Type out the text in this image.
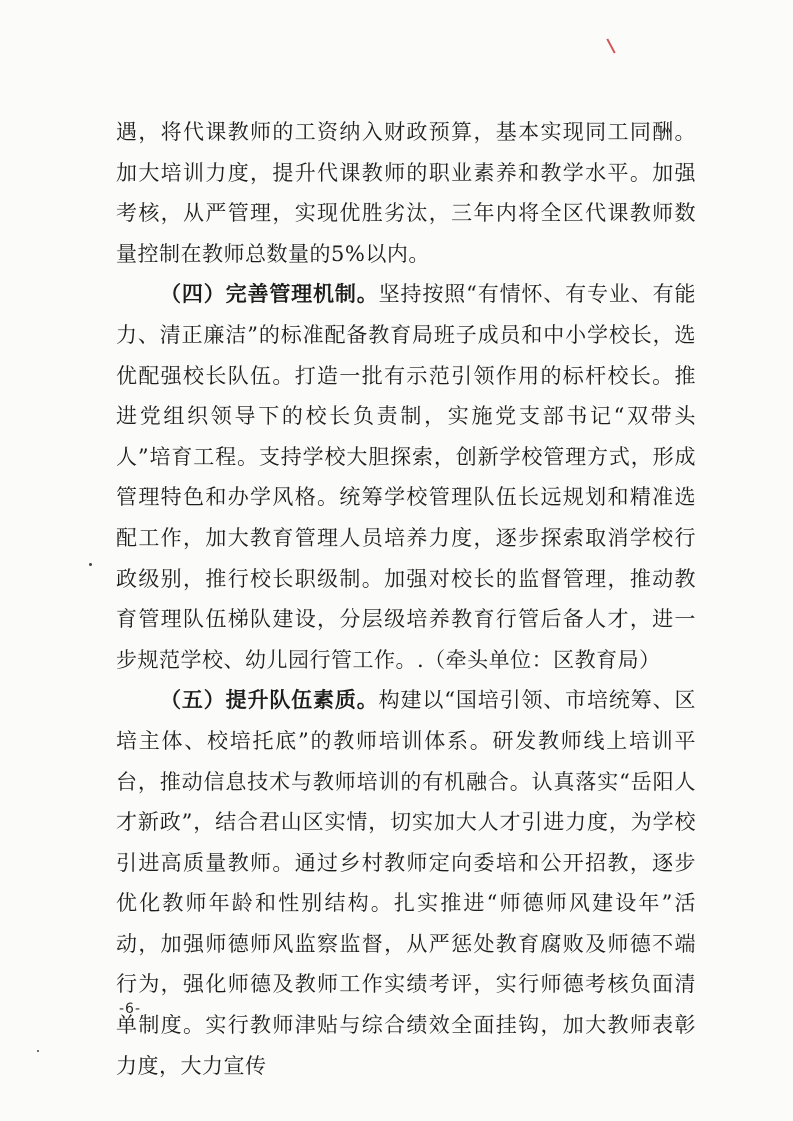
遇，将代课教师的工资纳入财政预算，基本实现同工同酬。加大培训力度，提升代课教师的职业素养和教学水平。加强考核，从严管理，实现优胜劣汰，三年内将全区代课教师数量控制在教师总数量的5%以内。

（四）完善管理机制。坚持按照“有情怀、有专业、有能力、清正廉洁”的标准配备教育局班子成员和中小学校长，选优配强校长队伍。打造一批有示范引领作用的标杆校长。推进党组织领导下的校长负责制，实施党支部书记“双带头人”培育工程。支持学校大胆探索，创新学校管理方式，形成管理特色和办学风格。统筹学校管理队伍长远规划和精准选配工作，加大教育管理人员培养力度，逐步探索取消学校行政级别，推行校长职级制。加强对校长的监督管理，推动教育管理队伍梯队建设，分层级培养教育行管后备人才，进一步规范学校、幼儿园行管工作。.（牵头单位：区教育局）

（五）提升队伍素质。构建以“国培引领、市培统筹、区培主体、校培托底”的教师培训体系。研发教师线上培训平台，推动信息技术与教师培训的有机融合。认真落实“岳阳人才新政”，结合君山区实情，切实加大人才引进力度，为学校引进高质量教师。通过乡村教师定向委培和公开招教，逐步优化教师年龄和性别结构。扎实推进“师德师风建设年”活动，加强师德师风监察监督，从严惩处教育腐败及师德不端行为，强化师德及教师工作实绩考评，实行师德考核负面清单制度。实行教师津贴与综合绩效全面挂钩，加大教师表彰力度，大力宣传

-6-
